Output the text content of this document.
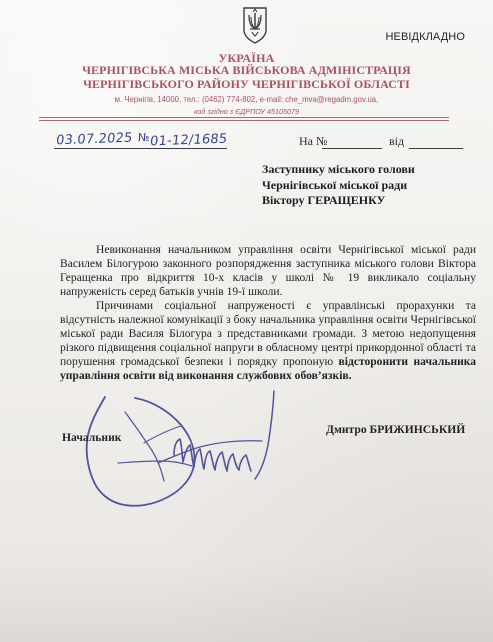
НЕВІДКЛАДНО
УКРАЇНА
ЧЕРНІГІВСЬКА МІСЬКА ВІЙСЬКОВА АДМІНІСТРАЦІЯ
ЧЕРНІГІВСЬКОГО РАЙОНУ ЧЕРНІГІВСЬКОЇ ОБЛАСТІ
м. Чернігів, 14000, тел.: (0462) 774-802, e-mail: che_mva@regadm.gov.ua,
код згідно з ЄДРПОУ 45105079
03.07.2025 № 01-12/1685	На №	від
Заступнику міського голови
Чернігівської міської ради
Віктору ГЕРАЩЕНКУ

Невиконання начальником управління освіти Чернігівської міської ради Василем Білогурою законного розпорядження заступника міського голови Віктора Геращенка про відкриття 10-х класів у школі № 19 викликало соціальну напруженість серед батьків учнів 19-ї школи.

Причинами соціальної напруженості є управлінські прорахунки та відсутність належної комунікації з боку начальника управління освіти Чернігівської міської ради Василя Білогура з представниками громади. З метою недопущення різкого підвищення соціальної напруги в обласному центрі прикордонної області та порушення громадської безпеки і порядку пропоную відсторонити начальника управління освіти від виконання службових обов’язків.

Начальник
Дмитро БРИЖИНСЬКИЙ
